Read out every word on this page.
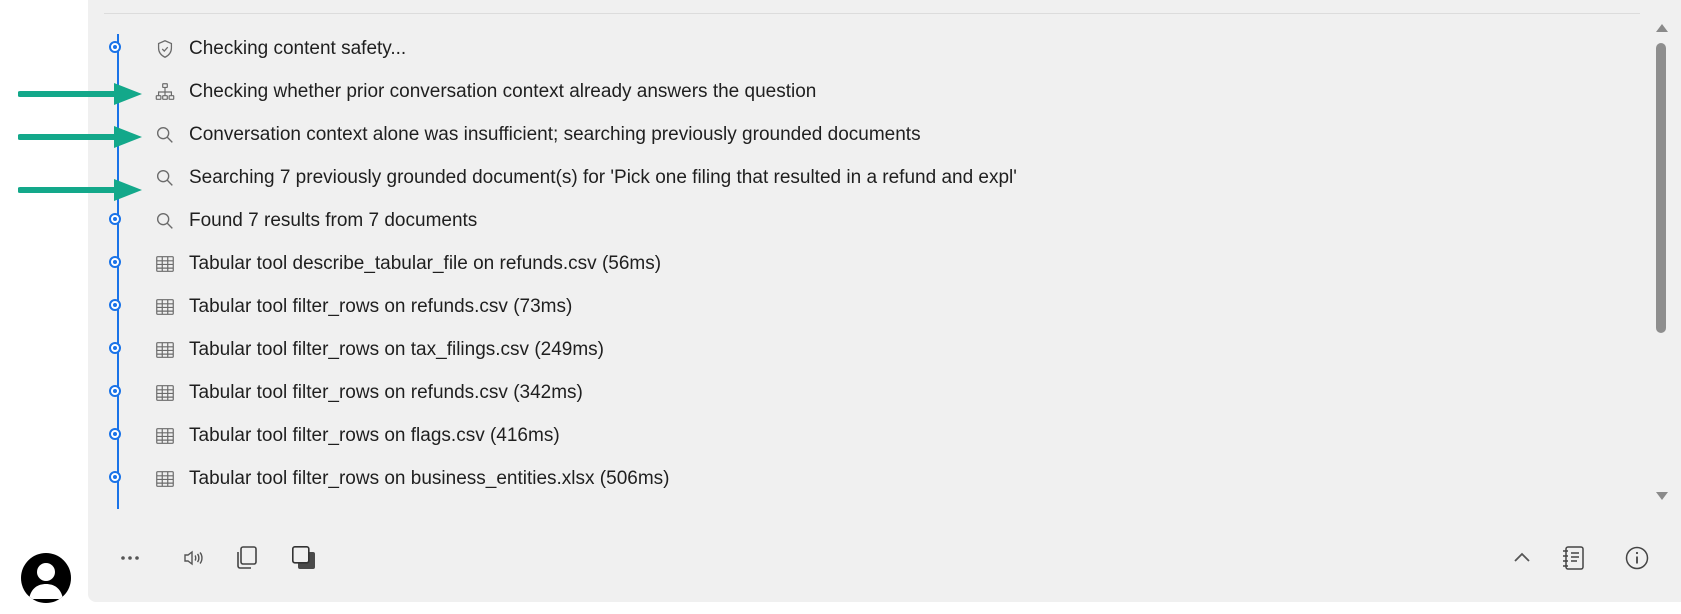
Checking content safety...
Checking whether prior conversation context already answers the question
Conversation context alone was insufficient; searching previously grounded documents
Searching 7 previously grounded document(s) for 'Pick one filing that resulted in a refund and expl'
Found 7 results from 7 documents
Tabular tool describe_tabular_file on refunds.csv (56ms)
Tabular tool filter_rows on refunds.csv (73ms)
Tabular tool filter_rows on tax_filings.csv (249ms)
Tabular tool filter_rows on refunds.csv (342ms)
Tabular tool filter_rows on flags.csv (416ms)
Tabular tool filter_rows on business_entities.xlsx (506ms)
